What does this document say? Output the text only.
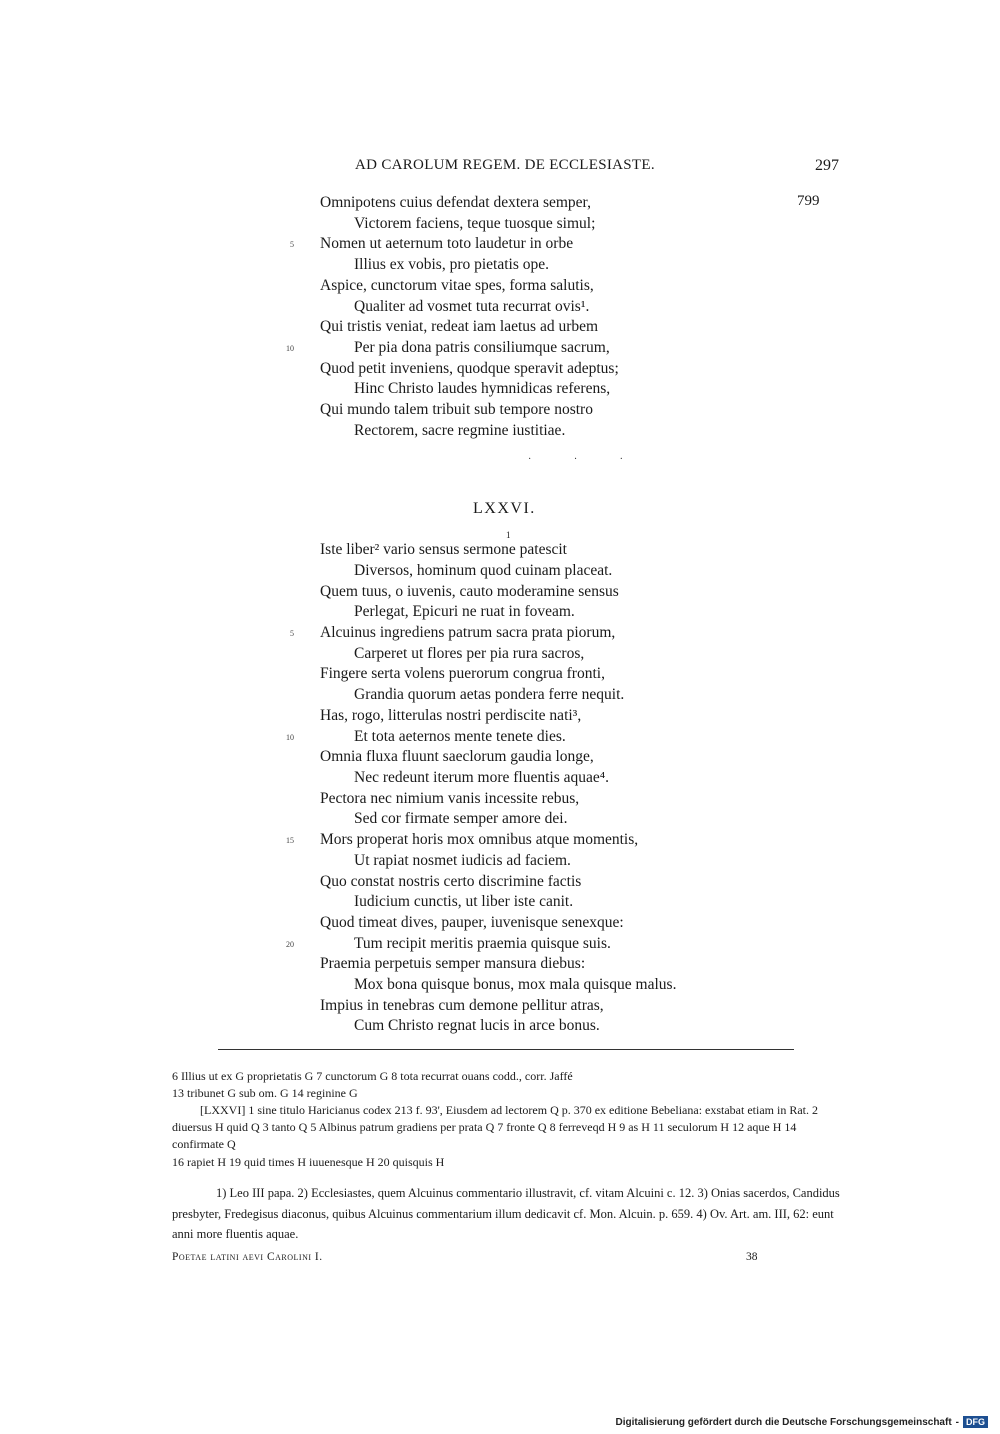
AD CAROLUM REGEM. DE ECCLESIASTE.	297
799
Omnipotens cuius defendat dextera semper,
Victorem faciens, teque tuosque simul;
Nomen ut aeternum toto laudetur in orbe
Illius ex vobis, pro pietatis ope.
Aspice, cunctorum vitae spes, forma salutis,
Qualiter ad vosmet tuta recurrat ovis¹.
Qui tristis veniat, redeat iam laetus ad urbem
Per pia dona patris consiliumque sacrum,
Quod petit inveniens, quodque speravit adeptus;
Hinc Christo laudes hymnidicas referens,
Qui mundo talem tribuit sub tempore nostro
Rectorem, sacre regmine iustitiae.
5
10
· · ·
LXXVI.
1
Iste liber² vario sensus sermone patescit
Diversos, hominum quod cuinam placeat.
Quem tuus, o iuvenis, cauto moderamine sensus
Perlegat, Epicuri ne ruat in foveam.
Alcuinus ingrediens patrum sacra prata piorum,
Carperet ut flores per pia rura sacros,
Fingere serta volens puerorum congrua fronti,
Grandia quorum aetas pondera ferre nequit.
Has, rogo, litterulas nostri perdiscite nati³,
Et tota aeternos mente tenete dies.
Omnia fluxa fluunt saeclorum gaudia longe,
Nec redeunt iterum more fluentis aquae⁴.
Pectora nec nimium vanis incessite rebus,
Sed cor firmate semper amore dei.
Mors properat horis mox omnibus atque momentis,
Ut rapiat nosmet iudicis ad faciem.
Quo constat nostris certo discrimine factis
Iudicium cunctis, ut liber iste canit.
Quod timeat dives, pauper, iuvenisque senexque:
Tum recipit meritis praemia quisque suis.
Praemia perpetuis semper mansura diebus:
Mox bona quisque bonus, mox mala quisque malus.
Impius in tenebras cum demone pellitur atras,
Cum Christo regnat lucis in arce bonus.
5
10
15
20
6 Illius ut ex G proprietatis G 7 cunctorum G 8 tota recurrat ouans codd., corr. Jaffé
13 tribunet G sub om. G 14 reginine G
[LXXVI] 1 sine titulo Haricianus codex 213 f. 93', Eiusdem ad lectorem Q p. 370 ex editione Bebeliana: exstabat etiam in Rat. 2 diuersus H quid Q 3 tanto Q 5 Albinus patrum gradiens per prata Q 7 fronte Q 8 ferreveqd H 9 as H 11 seculorum H 12 aque H 14 confirmate Q
16 rapiet H 19 quid times H iuuenesque H 20 quisquis H
1) Leo III papa. 2) Ecclesiastes, quem Alcuinus commentario illustravit, cf. vitam Alcuini c. 12. 3) Onias sacerdos, Candidus presbyter, Fredegisus diaconus, quibus Alcuinus commentarium illum dedicavit cf. Mon. Alcuin. p. 659. 4) Ov. Art. am. III, 62: eunt anni more fluentis aquae.
Poetae latini aevi Carolini I.	38
Digitalisierung gefördert durch die Deutsche Forschungsgemeinschaft - DFG
